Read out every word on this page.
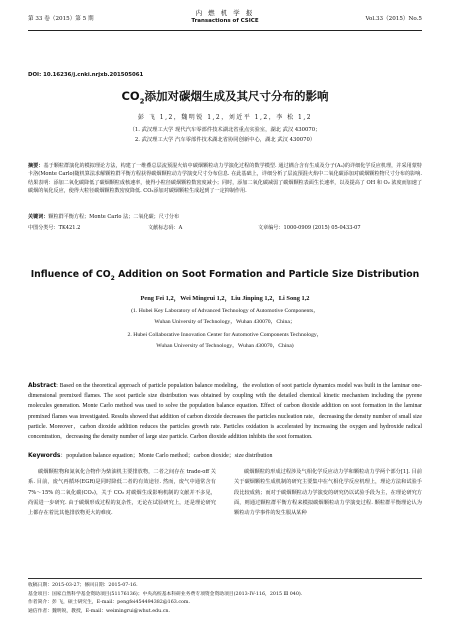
第 33 卷（2015）第 5 期
内 燃 机 学 报
Transactions of CSICE	Vol.33（2015）No.5
DOI: 10.16236/j.cnki.nrjxb.201505061
$CO_2$添加对碳烟生成及其尺寸分布的影响
彭 飞 1,2，魏明锐 1,2，刘近平 1,2，李 松 1,2
（1. 武汉理工大学 现代汽车零部件技术湖北省重点实验室，湖北 武汉 430070；
2. 武汉理工大学 汽车零部件技术湖北省协同创新中心，湖北 武汉 430070）
摘要：基于颗粒群演化的模拟理论方法，构建了一维叠总层流预混火焰中碳烟颗粒动力学演化过程的数学模型. 通过耦合含有生成及分子(Aₙ)的详细化学反应机理，并采用蒙特卡洛(Monte Carlo)随机算法求解颗粒群平衡方程获得碳烟颗粒动力学演变尺寸分布信息. 在此基础上，详细分析了层流预混火焰中二氧化碳添加对碳烟颗粒物尺寸分布的影响. 结果表明：添加二氧化碳降低了碳烟颗粒成核速率，使得小粒径碳烟颗粒数密度减小；同时，添加二氧化碳减弱了碳烟颗粒表面生长速率，以及提高了 OH 和 O₂ 浓度而加速了碳烟的氧化反应，使得大粒径碳烟颗粒数密度降低. CO₂添加对碳烟颗粒生成起到了一定抑制作用.
关键词：颗粒群平衡方程；Monte Carlo 法；二氧化碳；尺寸分布
中图分类号：TK421.2	文献标志码：A	文章编号：1000-0909 (2015) 05-0433-07
Influence of $CO_2$ Addition on Soot Formation and Particle Size Distribution
Peng Fei 1,2，Wei Mingrui 1,2，Liu Jinping 1,2，Li Song 1,2
(1. Hubei Key Laboratory of Advanced Technology of Automotive Components，
Wuhan University of Technology，Wuhan 430070，China；
2. Hubei Collaborative Innovation Center for Automotive Components Technology，
Wuhan University of Technology，Wuhan 430070，China)
Abstract: Based on the theoretical approach of particle population balance modeling，the evolution of soot particle dynamics model was built in the laminar one-dimensional premixed flames. The soot particle size distribution was obtained by coupling with the detailed chemical kinetic mechanism including the pyrene molecules generation. Monte Carlo method was used to solve the population balance equation. Effect of carbon dioxide addition on soot formation in the laminar premixed flames was investigated. Results showed that addition of carbon dioxide decreases the particles nucleation rate，decreasing the density number of small size particle. Moreover，carbon dioxide addition reduces the particles growth rate. Particles oxidation is accelerated by increasing the oxygen and hydroxide radical concentration，decreasing the density number of large size particle. Carbon dioxide addition inhibits the soot formation.
Keywords：population balance equation；Monte Carlo method；carbon dioxide；size distribution
碳烟颗粒物和氮氧化合物作为柴油机主要排放物，二者之间存在 trade-off 关系. 目前，废气再循环(EGR)是同时降低二者的有效途径. 然而，废气中通常含有 7%～15% 的二氧化碳(CO₂)，关于 CO₂ 对碳烟生成影响机制的文献并不多见，尚需进一步研究. 由于碳烟形成过程的复杂性，无论在试验研究上，还是理论研究上都存在着比其他排放物更大的难度.
碳烟颗粒的形成过程涉及气相化学反应动力学和颗粒动力学两个部分[1]. 目前关于碳烟颗粒生成机制的研究主要集中在气相化学反应机理上，理论方法和试验手段比较成熟；而对于碳烟颗粒动力学演变的研究仍以试验手段为主，在理论研究方面，则通过颗粒群平衡方程来模拟碳烟颗粒动力学演变过程. 颗粒群平衡理论认为颗粒动力学事件的发生服从某种
收稿日期：2015-03-27；修回日期：2015-07-16.
基金项目：国家自然科学基金资助项目(51176136)；中央高校基本科研业务费专项资金资助项目(2013-IV-116，2015 Ⅲ 040).
作者简介：彭 飞，硕士研究生，E-mail：pengfei454494382@163.com.
通信作者：魏明锐，教授，E-mail：weimingrui@whut.edu.cn.
